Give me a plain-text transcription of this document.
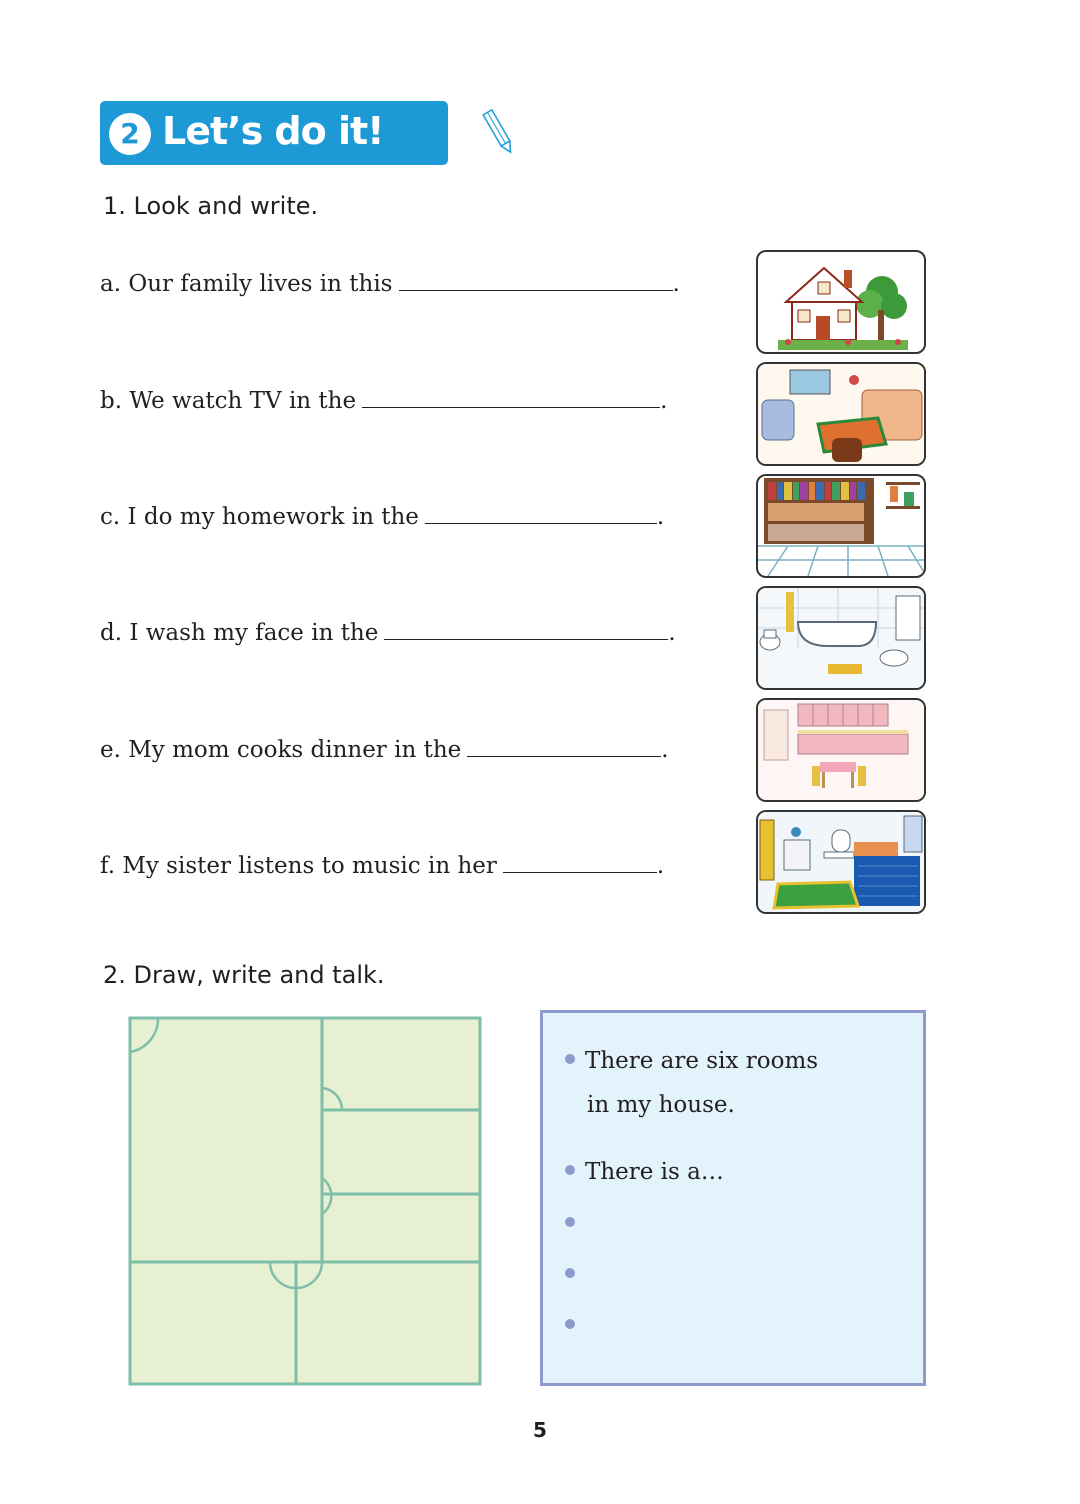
2 Let’s do it!
1. Look and write.
a. Our family lives in this	.
b. We watch TV in the	.
c. I do my homework in the	.
d. I wash my face in the	.
e. My mom cooks dinner in the	.
f. My sister listens to music in her	.
2. Draw, write and talk.
There are six rooms
in my house.
There is a…
5
